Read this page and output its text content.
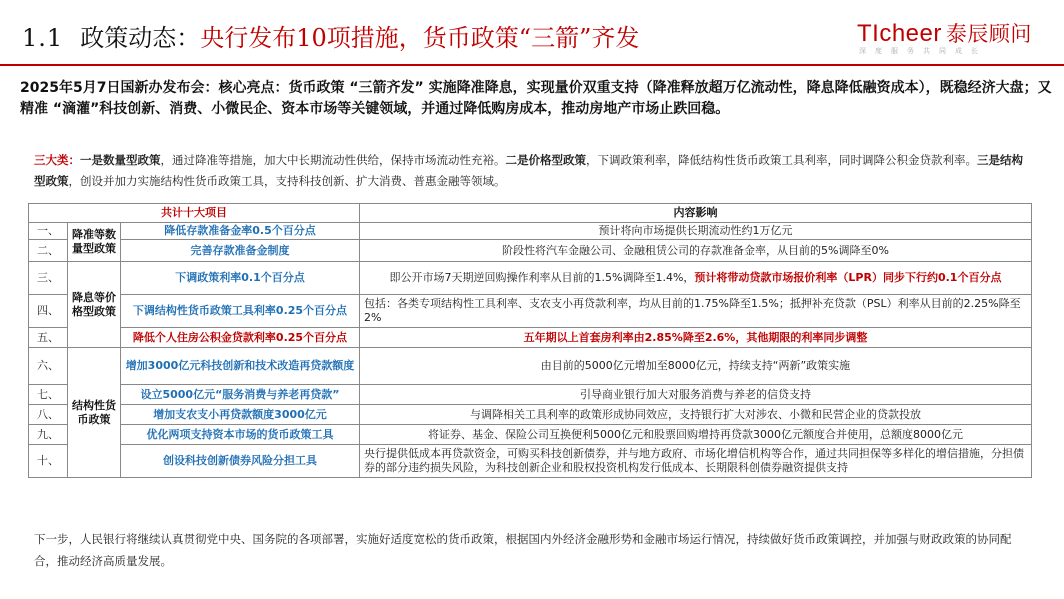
1.1 政策动态：央行发布10项措施，货币政策“三箭”齐发	TIcheer 泰辰顾问
深度服务共同成长
2025年5月7日国新办发布会：核心亮点：货币政策 “三箭齐发” 实施降准降息，实现量价双重支持（降准释放超万亿流动性，降息降低融资成本），既稳经济大盘；又精准 “滴灌”科技创新、消费、小微民企、资本市场等关键领域，并通过降低购房成本，推动房地产市场止跌回稳。
三大类：一是数量型政策，通过降准等措施，加大中长期流动性供给，保持市场流动性充裕。二是价格型政策，下调政策利率，降低结构性货币政策工具利率，同时调降公积金贷款利率。三是结构型政策，创设并加力实施结构性货币政策工具，支持科技创新、扩大消费、普惠金融等领域。
共计十大项目			内容影响
一、	降准等数量型政策	降低存款准备金率0.5个百分点	预计将向市场提供长期流动性约1万亿元
二、		完善存款准备金制度	阶段性将汽车金融公司、金融租赁公司的存款准备金率，从目前的5%调降至0%
三、	降息等价格型政策	下调政策利率0.1个百分点	即公开市场7天期逆回购操作利率从目前的1.5%调降至1.4%，预计将带动贷款市场报价利率（LPR）同步下行约0.1个百分点
四、		下调结构性货币政策工具利率0.25个百分点	包括：各类专项结构性工具利率、支农支小再贷款利率，均从目前的1.75%降至1.5%；抵押补充贷款（PSL）利率从目前的2.25%降至2%
五、		降低个人住房公积金贷款利率0.25个百分点	五年期以上首套房利率由2.85%降至2.6%，其他期限的利率同步调整
六、	结构性货币政策	增加3000亿元科技创新和技术改造再贷款额度	由目前的5000亿元增加至8000亿元，持续支持“两新”政策实施
七、		设立5000亿元“服务消费与养老再贷款”	引导商业银行加大对服务消费与养老的信贷支持
八、		增加支农支小再贷款额度3000亿元	与调降相关工具利率的政策形成协同效应，支持银行扩大对涉农、小微和民营企业的贷款投放
九、		优化两项支持资本市场的货币政策工具	将证券、基金、保险公司互换便利5000亿元和股票回购增持再贷款3000亿元额度合并使用，总额度8000亿元
十、		创设科技创新债券风险分担工具	央行提供低成本再贷款资金，可购买科技创新债券，并与地方政府、市场化增信机构等合作，通过共同担保等多样化的增信措施，分担债券的部分违约损失风险，为科技创新企业和股权投资机构发行低成本、长期限科创债券融资提供支持
下一步，人民银行将继续认真贯彻党中央、国务院的各项部署，实施好适度宽松的货币政策，根据国内外经济金融形势和金融市场运行情况，持续做好货币政策调控，并加强与财政政策的协同配合，推动经济高质量发展。
